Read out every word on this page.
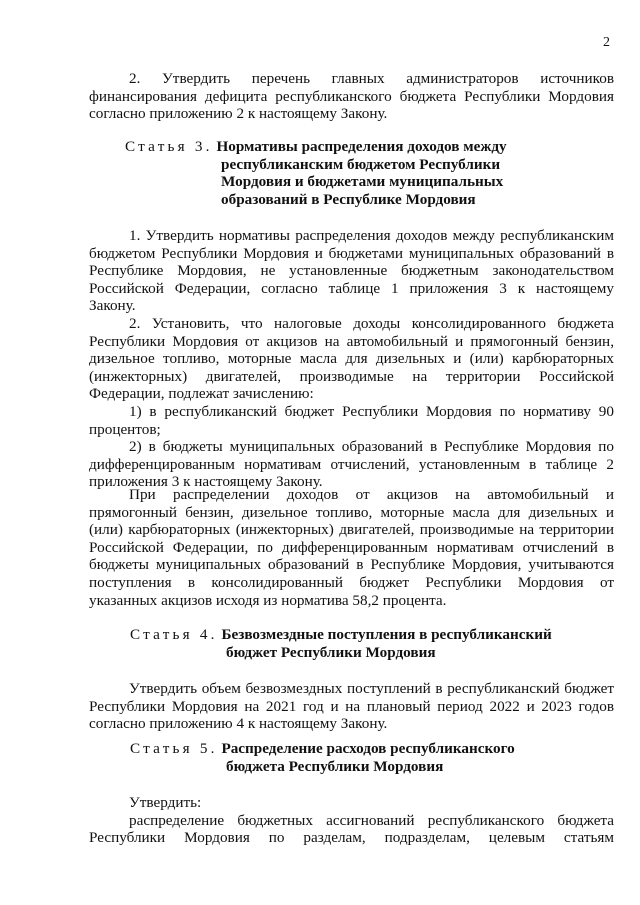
2

2. Утвердить перечень главных администраторов источников

финансирования дефицита республиканского бюджета Республики Мордовия

согласно приложению 2 к настоящему Закону.

Статья 3. Нормативы распределения доходов между

республиканским бюджетом Республики

Мордовия и бюджетами муниципальных

образований в Республике Мордовия

1. Утвердить нормативы распределения доходов между республиканским

бюджетом Республики Мордовия и бюджетами муниципальных образований в

Республике Мордовия, не установленные бюджетным законодательством

Российской Федерации, согласно таблице 1 приложения 3 к настоящему

Закону.

2. Установить, что налоговые доходы консолидированного бюджета

Республики Мордовия от акцизов на автомобильный и прямогонный бензин,

дизельное топливо, моторные масла для дизельных и (или) карбюраторных

(инжекторных) двигателей, производимые на территории Российской

Федерации, подлежат зачислению:

1) в республиканский бюджет Республики Мордовия по нормативу 90

процентов;

2) в бюджеты муниципальных образований в Республике Мордовия по

дифференцированным нормативам отчислений, установленным в таблице 2

приложения 3 к настоящему Закону.

При распределении доходов от акцизов на автомобильный и

прямогонный бензин, дизельное топливо, моторные масла для дизельных и

(или) карбюраторных (инжекторных) двигателей, производимые на территории

Российской Федерации, по дифференцированным нормативам отчислений в

бюджеты муниципальных образований в Республике Мордовия, учитываются

поступления в консолидированный бюджет Республики Мордовия от

указанных акцизов исходя из норматива 58,2 процента.

Статья 4. Безвозмездные поступления в республиканский

бюджет Республики Мордовия

Утвердить объем безвозмездных поступлений в республиканский бюджет

Республики Мордовия на 2021 год и на плановый период 2022 и 2023 годов

согласно приложению 4 к настоящему Закону.

Статья 5. Распределение расходов республиканского

бюджета Республики Мордовия

Утвердить:

распределение бюджетных ассигнований республиканского бюджета

Республики Мордовия по разделам, подразделам, целевым статьям
